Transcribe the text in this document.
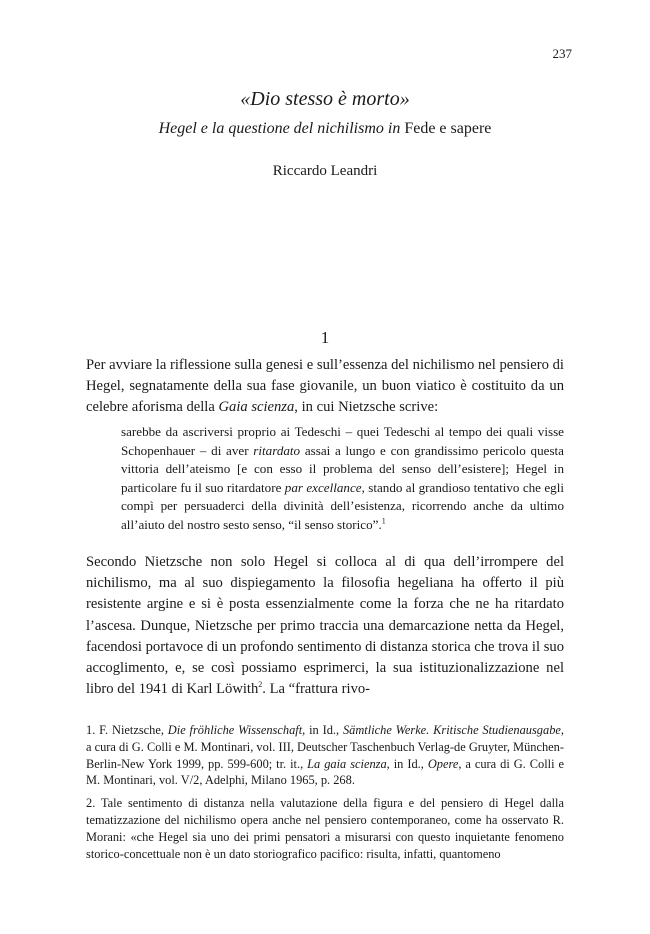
237
«Dio stesso è morto»
Hegel e la questione del nichilismo in Fede e sapere
Riccardo Leandri
1

Per avviare la riflessione sulla genesi e sull’essenza del nichilismo nel pensiero di Hegel, segnatamente della sua fase giovanile, un buon viatico è costituito da un celebre aforisma della Gaia scienza, in cui Nietzsche scrive:

sarebbe da ascriversi proprio ai Tedeschi – quei Tedeschi al tempo dei quali visse Schopenhauer – di aver ritardato assai a lungo e con grandissimo pericolo questa vittoria dell’ateismo [e con esso il problema del senso dell’esistere]; Hegel in particolare fu il suo ritardatore par excellance, stando al grandioso tentativo che egli compì per persuaderci della divinità dell’esistenza, ricorrendo anche da ultimo all’aiuto del nostro sesto senso, “il senso storico”.$^1$

Secondo Nietzsche non solo Hegel si colloca al di qua dell’irrompere del nichilismo, ma al suo dispiegamento la filosofia hegeliana ha offerto il più resistente argine e si è posta essenzialmente come la forza che ne ha ritardato l’ascesa. Dunque, Nietzsche per primo traccia una demarcazione netta da Hegel, facendosi portavoce di un profondo sentimento di distanza storica che trova il suo accoglimento, e, se così possiamo esprimerci, la sua istituzionalizzazione nel libro del 1941 di Karl Löwith$^2$. La “frattura rivo-

1. F. Nietzsche, Die fröhliche Wissenschaft, in Id., Sämtliche Werke. Kritische Studienausgabe, a cura di G. Colli e M. Montinari, vol. III, Deutscher Taschenbuch Verlag-de Gruyter, München-Berlin-New York 1999, pp. 599-600; tr. it., La gaia scienza, in Id., Opere, a cura di G. Colli e M. Montinari, vol. V/2, Adelphi, Milano 1965, p. 268.

2. Tale sentimento di distanza nella valutazione della figura e del pensiero di Hegel dalla tematizzazione del nichilismo opera anche nel pensiero contemporaneo, come ha osservato R. Morani: «che Hegel sia uno dei primi pensatori a misurarsi con questo inquietante fenomeno storico-concettuale non è un dato storiografico pacifico: risulta, infatti, quantomeno
